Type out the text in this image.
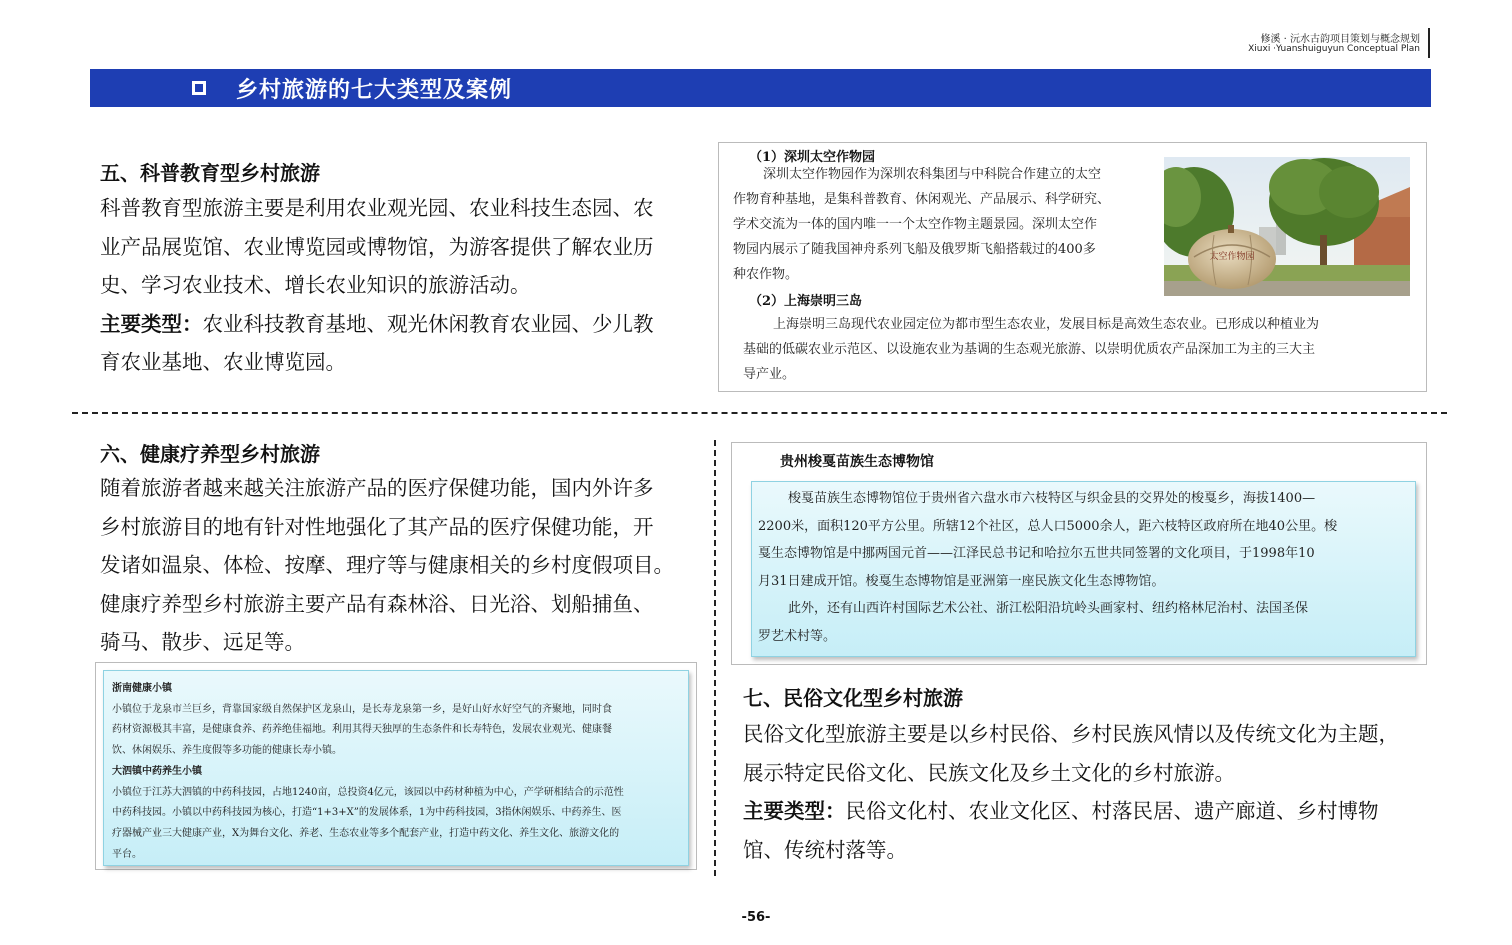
修溪 · 沅水古韵项目策划与概念规划
Xiuxi ·Yuanshuiguyun Conceptual Plan
乡村旅游的七大类型及案例
五、科普教育型乡村旅游
科普教育型旅游主要是利用农业观光园、农业科技生态园、农
业产品展览馆、农业博览园或博物馆，为游客提供了解农业历
史、学习农业技术、增长农业知识的旅游活动。
主要类型：农业科技教育基地、观光休闲教育农业园、少儿教
育农业基地、农业博览园。
（1）深圳太空作物园
深圳太空作物园作为深圳农科集团与中科院合作建立的太空
作物育种基地，是集科普教育、休闲观光、产品展示、科学研究、
学术交流为一体的国内唯一一个太空作物主题景园。深圳太空作
物园内展示了随我国神舟系列飞船及俄罗斯飞船搭载过的400多
种农作物。
（2）上海崇明三岛
上海崇明三岛现代农业园定位为都市型生态农业，发展目标是高效生态农业。已形成以种植业为
基础的低碳农业示范区、以设施农业为基调的生态观光旅游、以崇明优质农产品深加工为主的三大主
导产业。
太空作物园
六、健康疗养型乡村旅游
随着旅游者越来越关注旅游产品的医疗保健功能，国内外许多
乡村旅游目的地有针对性地强化了其产品的医疗保健功能，开
发诸如温泉、体检、按摩、理疗等与健康相关的乡村度假项目。
健康疗养型乡村旅游主要产品有森林浴、日光浴、划船捕鱼、
骑马、散步、远足等。
浙南健康小镇
小镇位于龙泉市兰巨乡，背靠国家级自然保护区龙泉山，是长寿龙泉第一乡，是好山好水好空气的齐聚地，同时食
药材资源极其丰富，是健康食养、药养绝佳福地。利用其得天独厚的生态条件和长寿特色，发展农业观光、健康餐
饮、休闲娱乐、养生度假等多功能的健康长寿小镇。
大泗镇中药养生小镇
小镇位于江苏大泗镇的中药科技园，占地1240亩，总投资4亿元，该园以中药材种植为中心，产学研相结合的示范性
中药科技园。小镇以中药科技园为核心，打造“1+3+X”的发展体系，1为中药科技园，3指休闲娱乐、中药养生、医
疗器械产业三大健康产业，X为舞台文化、养老、生态农业等多个配套产业，打造中药文化、养生文化、旅游文化的
平台。
贵州梭戛苗族生态博物馆
梭戛苗族生态博物馆位于贵州省六盘水市六枝特区与织金县的交界处的梭戛乡，海拔1400—
2200米，面积120平方公里。所辖12个社区，总人口5000余人，距六枝特区政府所在地40公里。梭
戛生态博物馆是中挪两国元首——江泽民总书记和哈拉尔五世共同签署的文化项目，于1998年10
月31日建成开馆。梭戛生态博物馆是亚洲第一座民族文化生态博物馆。
此外，还有山西许村国际艺术公社、浙江松阳沿坑岭头画家村、纽约格林尼治村、法国圣保
罗艺术村等。
七、民俗文化型乡村旅游
民俗文化型旅游主要是以乡村民俗、乡村民族风情以及传统文化为主题，
展示特定民俗文化、民族文化及乡土文化的乡村旅游。
主要类型：民俗文化村、农业文化区、村落民居、遗产廊道、乡村博物
馆、传统村落等。
-56-
